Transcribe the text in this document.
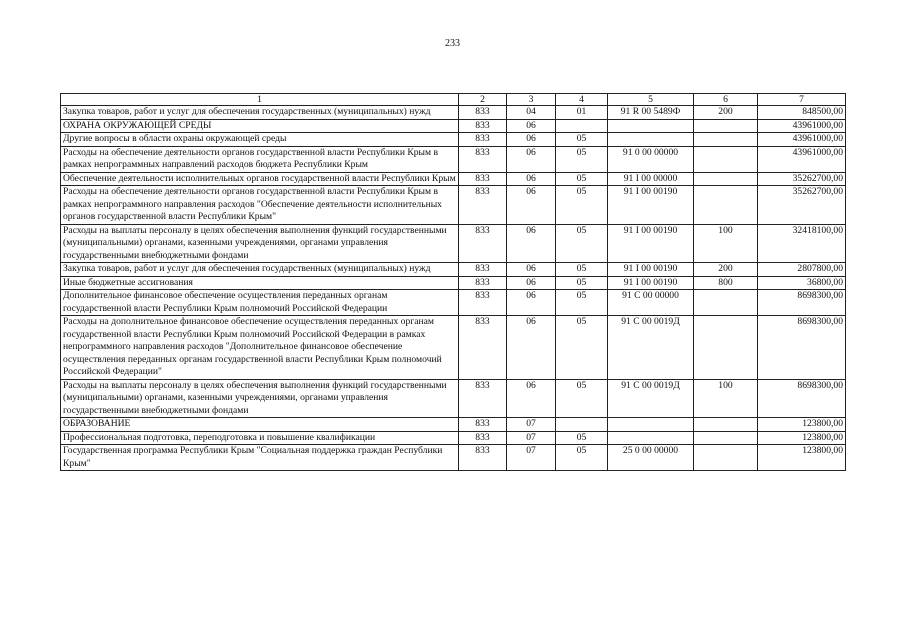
233
1	2	3	4	5	6	7
Закупка товаров, работ и услуг для обеспечения государственных (муниципальных) нужд	833	04	01	91 R 00 5489Ф	200	848500,00
ОХРАНА ОКРУЖАЮЩЕЙ СРЕДЫ	833	06				43961000,00
Другие вопросы в области охраны окружающей среды	833	06	05			43961000,00
Расходы на обеспечение деятельности органов государственной власти Республики Крым в рамках непрограммных направлений расходов бюджета Республики Крым	833	06	05	91 0 00 00000		43961000,00
Обеспечение деятельности исполнительных органов государственной власти Республики Крым	833	06	05	91 I 00 00000		35262700,00
Расходы на обеспечение деятельности органов государственной власти Республики Крым в рамках непрограммного направления расходов "Обеспечение деятельности исполнительных органов государственной власти Республики Крым"	833	06	05	91 I 00 00190		35262700,00
Расходы на выплаты персоналу в целях обеспечения выполнения функций государственными (муниципальными) органами, казенными учреждениями, органами управления государственными внебюджетными фондами	833	06	05	91 I 00 00190	100	32418100,00
Закупка товаров, работ и услуг для обеспечения государственных (муниципальных) нужд	833	06	05	91 I 00 00190	200	2807800,00
Иные бюджетные ассигнования	833	06	05	91 I 00 00190	800	36800,00
Дополнительное финансовое обеспечение осуществления переданных органам государственной власти Республики Крым полномочий Российской Федерации	833	06	05	91 С 00 00000		8698300,00
Расходы на дополнительное финансовое обеспечение осуществления переданных органам государственной власти Республики Крым полномочий Российской Федерации в рамках непрограммного направления расходов "Дополнительное финансовое обеспечение осуществления переданных органам государственной власти Республики Крым полномочий Российской Федерации"	833	06	05	91 С 00 0019Д		8698300,00
Расходы на выплаты персоналу в целях обеспечения выполнения функций государственными (муниципальными) органами, казенными учреждениями, органами управления государственными внебюджетными фондами	833	06	05	91 С 00 0019Д	100	8698300,00
ОБРАЗОВАНИЕ	833	07				123800,00
Профессиональная подготовка, переподготовка и повышение квалификации	833	07	05			123800,00
Государственная программа Республики Крым "Социальная поддержка граждан Республики Крым"	833	07	05	25 0 00 00000		123800,00
